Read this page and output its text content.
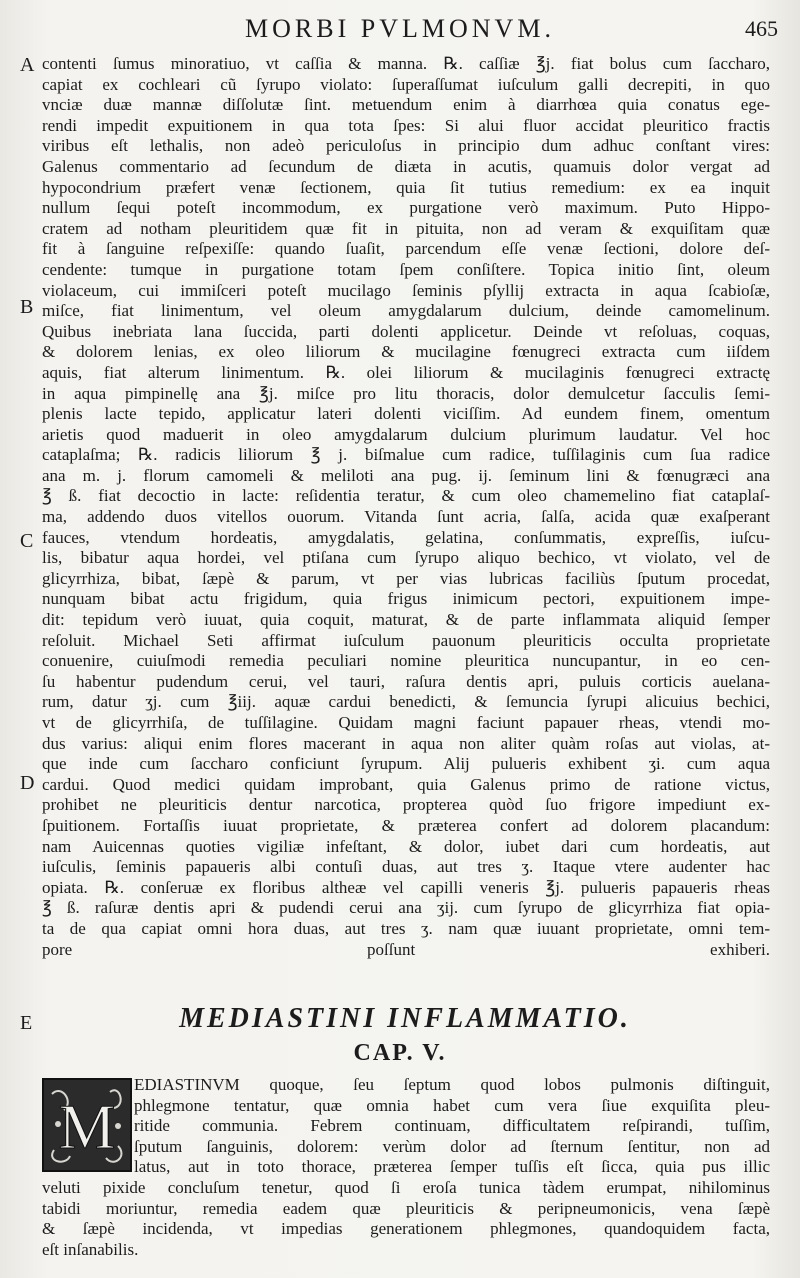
MORBI PVLMONVM.	465
A
B
C
D
E
contenti ſumus minoratiuo, vt caſſia & manna. ℞. caſſiæ ℥j. fiat bolus cum ſaccharo,
capiat ex cochleari cũ ſyrupo violato: ſuperaſſumat iuſculum galli decrepiti, in quo
vnciæ duæ mannæ diſſolutæ ſint. metuendum enim à diarrhœa quia conatus ege-
rendi impedit expuitionem in qua tota ſpes: Si alui fluor accidat pleuritico fractis
viribus eſt lethalis, non adeò periculoſus in principio dum adhuc conſtant vires:
Galenus commentario ad ſecundum de diæta in acutis, quamuis dolor vergat ad
hypocondrium præfert venæ ſectionem, quia ſit tutius remedium: ex ea inquit
nullum ſequi poteſt incommodum, ex purgatione verò maximum. Puto Hippo-
cratem ad notham pleuritidem quæ fit in pituita, non ad veram & exquiſitam quæ
fit à ſanguine reſpexiſſe: quando ſuaſit, parcendum eſſe venæ ſectioni, dolore deſ-
cendente: tumque in purgatione totam ſpem conſiſtere. Topica initio ſint, oleum
violaceum, cui immiſceri poteſt mucilago ſeminis pſyllij extracta in aqua ſcabioſæ,
miſce, fiat linimentum, vel oleum amygdalarum dulcium, deinde camomelinum.
Quibus inebriata lana ſuccida, parti dolenti applicetur. Deinde vt reſoluas, coquas,
& dolorem lenias, ex oleo liliorum & mucilagine fœnugreci extracta cum iiſdem
aquis, fiat alterum linimentum. ℞. olei liliorum & mucilaginis fœnugreci extractę
in aqua pimpinellę ana ℥j. miſce pro litu thoracis, dolor demulcetur ſacculis ſemi-
plenis lacte tepido, applicatur lateri dolenti viciſſim. Ad eundem finem, omentum
arietis quod maduerit in oleo amygdalarum dulcium plurimum laudatur. Vel hoc
cataplaſma; ℞. radicis liliorum ℥ j. biſmalue cum radice, tuſſilaginis cum ſua radice
ana m. j. florum camomeli & meliloti ana pug. ij. ſeminum lini & fœnugræci ana
℥ ß. fiat decoctio in lacte: reſidentia teratur, & cum oleo chamemelino fiat cataplaſ-
ma, addendo duos vitellos ouorum. Vitanda ſunt acria, ſalſa, acida quæ exaſperant
fauces, vtendum hordeatis, amygdalatis, gelatina, conſummatis, expreſſis, iuſcu-
lis, bibatur aqua hordei, vel ptiſana cum ſyrupo aliquo bechico, vt violato, vel de
glicyrrhiza, bibat, ſæpè & parum, vt per vias lubricas faciliùs ſputum procedat,
nunquam bibat actu frigidum, quia frigus inimicum pectori, expuitionem impe-
dit: tepidum verò iuuat, quia coquit, maturat, & de parte inflammata aliquid ſemper
reſoluit. Michael Seti affirmat iuſculum pauonum pleuriticis occulta proprietate
conuenire, cuiuſmodi remedia peculiari nomine pleuritica nuncupantur, in eo cen-
ſu habentur pudendum cerui, vel tauri, raſura dentis apri, puluis corticis auelana-
rum, datur ʒj. cum ℥iij. aquæ cardui benedicti, & ſemuncia ſyrupi alicuius bechici,
vt de glicyrrhiſa, de tuſſilagine. Quidam magni faciunt papauer rheas, vtendi mo-
dus varius: aliqui enim flores macerant in aqua non aliter quàm roſas aut violas, at-
que inde cum ſaccharo conficiunt ſyrupum. Alij pulueris exhibent ʒi. cum aqua
cardui. Quod medici quidam improbant, quia Galenus primo de ratione victus,
prohibet ne pleuriticis dentur narcotica, propterea quòd ſuo frigore impediunt ex-
ſpuitionem. Fortaſſis iuuat proprietate, & præterea confert ad dolorem placandum:
nam Auicennas quoties vigiliæ infeſtant, & dolor, iubet dari cum hordeatis, aut
iuſculis, ſeminis papaueris albi contuſi duas, aut tres ʒ. Itaque vtere audenter hac
opiata. ℞. conſeruæ ex floribus altheæ vel capilli veneris ℥j. pulueris papaueris rheas
℥ ß. raſuræ dentis apri & pudendi cerui ana ʒij. cum ſyrupo de glicyrrhiza fiat opia-
ta de qua capiat omni hora duas, aut tres ʒ. nam quæ iuuant proprietate, omni tem-
pore poſſunt exhiberi.
MEDIASTINI INFLAMMATIO.
CAP. V.
M
EDIASTINVM quoque, ſeu ſeptum quod lobos pulmonis diſtinguit,
phlegmone tentatur, quæ omnia habet cum vera ſiue exquiſita pleu-
ritide communia. Febrem continuam, difficultatem reſpirandi, tuſſim,
ſputum ſanguinis, dolorem: verùm dolor ad ſternum ſentitur, non ad
latus, aut in toto thorace, præterea ſemper tuſſis eſt ſicca, quia pus illic
veluti pixide concluſum tenetur, quod ſi eroſa tunica tàdem erumpat, nihilominus
tabidi moriuntur, remedia eadem quæ pleuriticis & peripneumonicis, vena ſæpè
& ſæpè incidenda, vt impedias generationem phlegmones, quandoquidem facta,
eſt inſanabilis.
